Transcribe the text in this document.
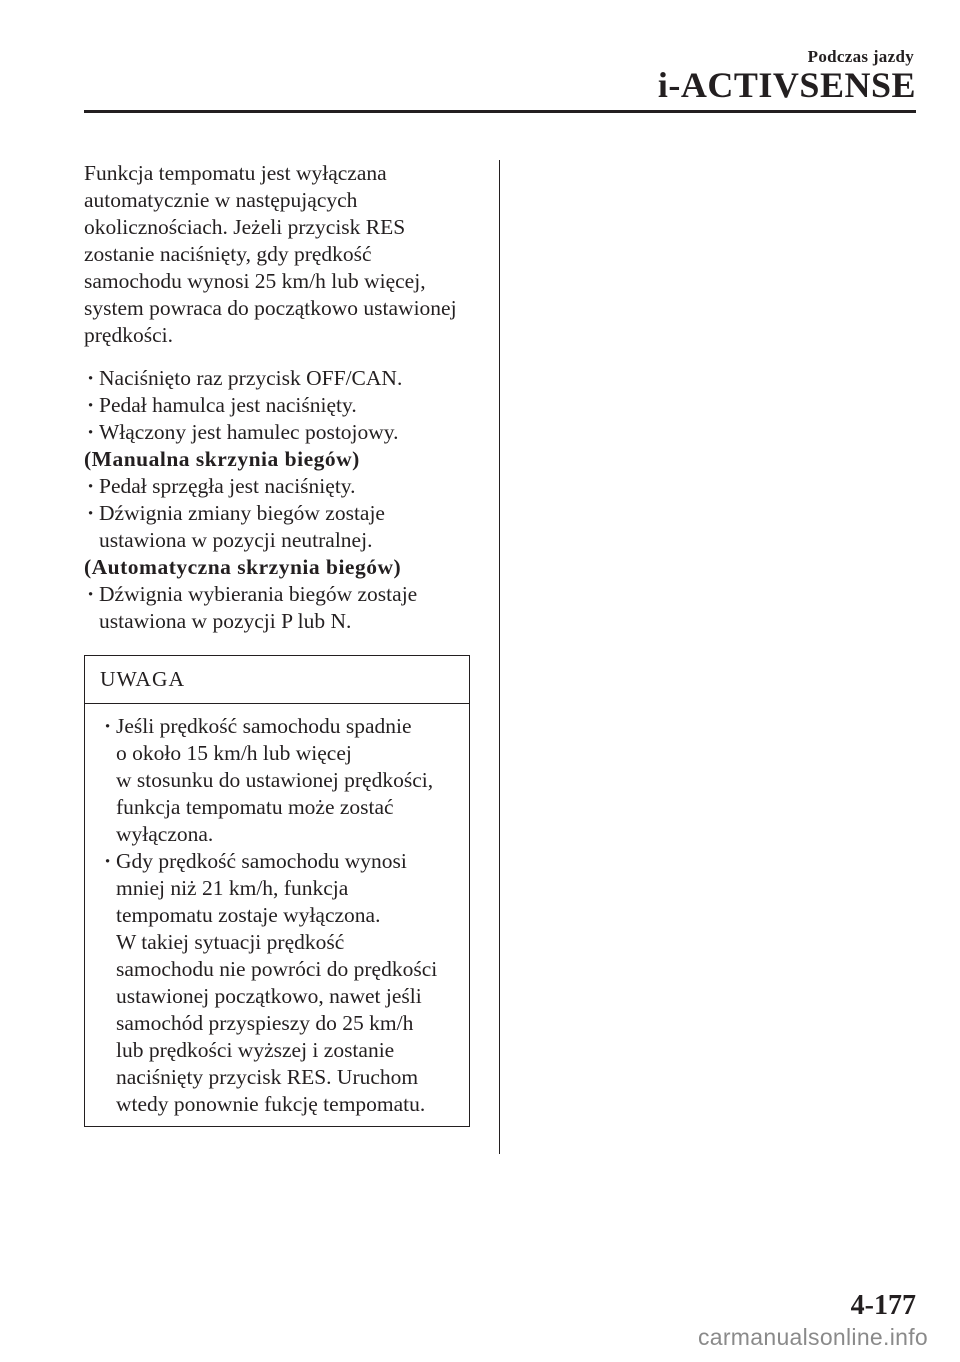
Podczas jazdy
i-ACTIVSENSE

Funkcja tempomatu jest wyłączana

automatycznie w następujących

okolicznościach. Jeżeli przycisk RES

zostanie naciśnięty, gdy prędkość

samochodu wynosi 25 km/h lub więcej,

system powraca do początkowo ustawionej

prędkości.

· Naciśnięto raz przycisk OFF/CAN.

· Pedał hamulca jest naciśnięty.

· Włączony jest hamulec postojowy.

(Manualna skrzynia biegów)

· Pedał sprzęgła jest naciśnięty.

· Dźwignia zmiany biegów zostaje

ustawiona w pozycji neutralnej.

(Automatyczna skrzynia biegów)

· Dźwignia wybierania biegów zostaje

ustawiona w pozycji P lub N.

UWAGA
· Jeśli prędkość samochodu spadnie

o około 15 km/h lub więcej

w stosunku do ustawionej prędkości,

funkcja tempomatu może zostać

wyłączona.

· Gdy prędkość samochodu wynosi

mniej niż 21 km/h, funkcja

tempomatu zostaje wyłączona.

W takiej sytuacji prędkość

samochodu nie powróci do prędkości

ustawionej początkowo, nawet jeśli

samochód przyspieszy do 25 km/h

lub prędkości wyższej i zostanie

naciśnięty przycisk RES. Uruchom

wtedy ponownie fukcję tempomatu.

4-177
carmanualsonline.info
